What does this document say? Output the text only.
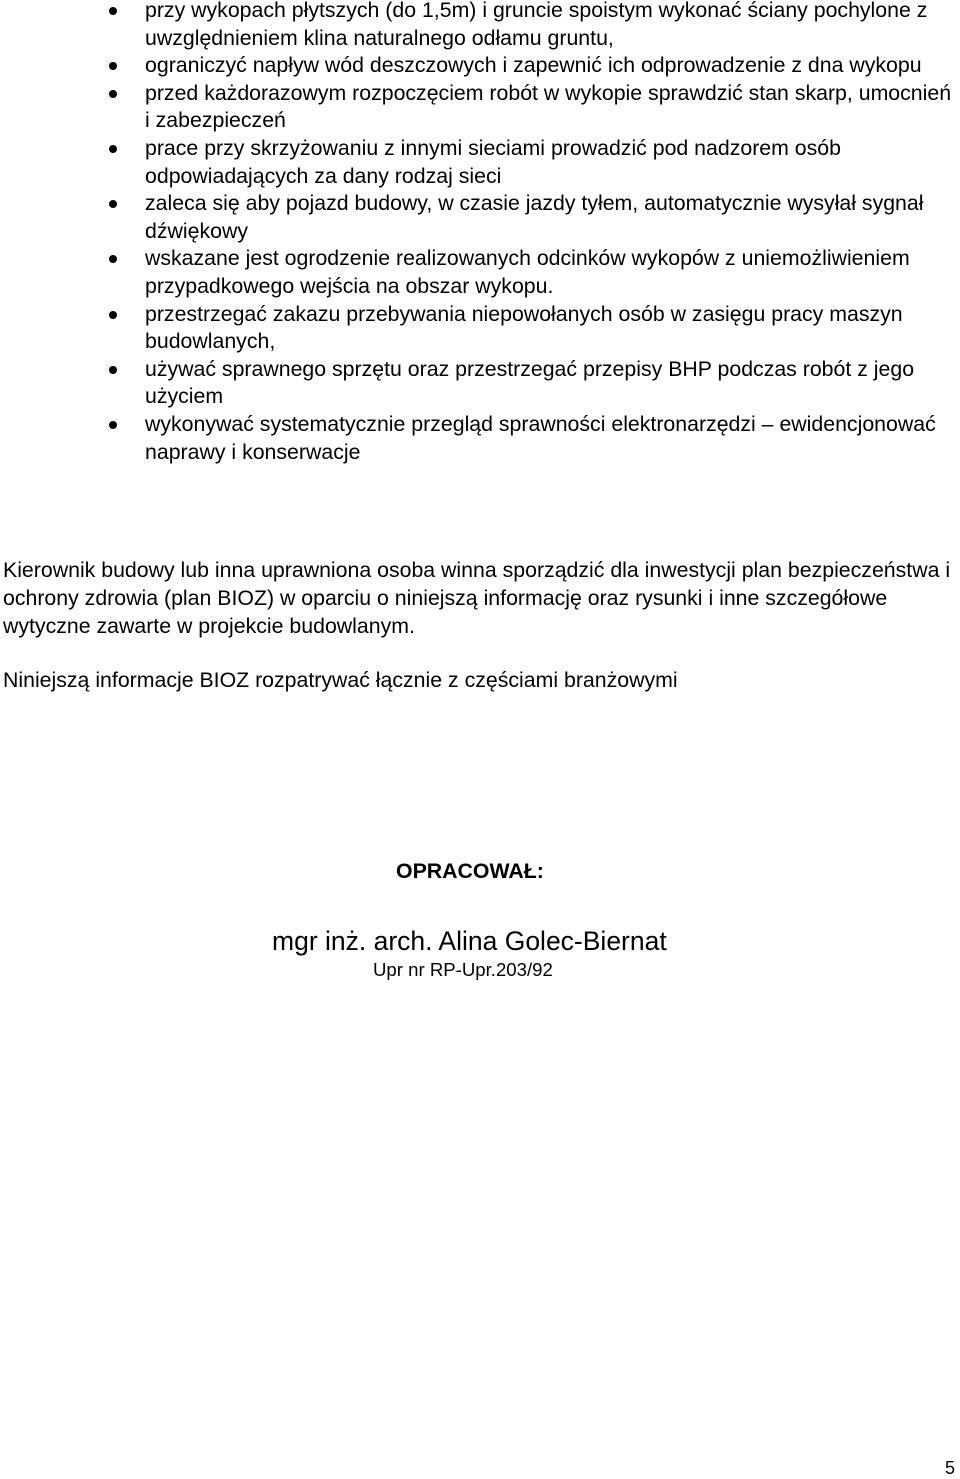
przy wykopach płytszych (do 1,5m) i gruncie spoistym wykonać ściany pochylone z uwzględnieniem klina naturalnego odłamu gruntu,
ograniczyć napływ wód deszczowych i zapewnić ich odprowadzenie z dna wykopu
przed każdorazowym rozpoczęciem robót w wykopie sprawdzić stan skarp, umocnień i zabezpieczeń
prace przy skrzyżowaniu z innymi sieciami prowadzić pod nadzorem osób odpowiadających za dany rodzaj sieci
zaleca się aby pojazd budowy, w czasie jazdy tyłem, automatycznie wysyłał sygnał dźwiękowy
wskazane jest ogrodzenie realizowanych odcinków wykopów z uniemożliwieniem przypadkowego wejścia na obszar wykopu.
przestrzegać zakazu przebywania niepowołanych osób w zasięgu pracy maszyn budowlanych,
używać sprawnego sprzętu oraz przestrzegać przepisy BHP podczas robót z jego użyciem
wykonywać systematycznie przegląd sprawności elektronarzędzi – ewidencjonować naprawy i konserwacje

Kierownik budowy lub inna uprawniona osoba winna sporządzić dla inwestycji plan bezpieczeństwa i ochrony zdrowia (plan BIOZ) w oparciu o niniejszą informację oraz rysunki i inne szczegółowe wytyczne zawarte w projekcie budowlanym.

Niniejszą informacje BIOZ rozpatrywać łącznie z częściami branżowymi

OPRACOWAŁ:

mgr inż. arch. Alina Golec-Biernat

Upr nr RP-Upr.203/92

5
